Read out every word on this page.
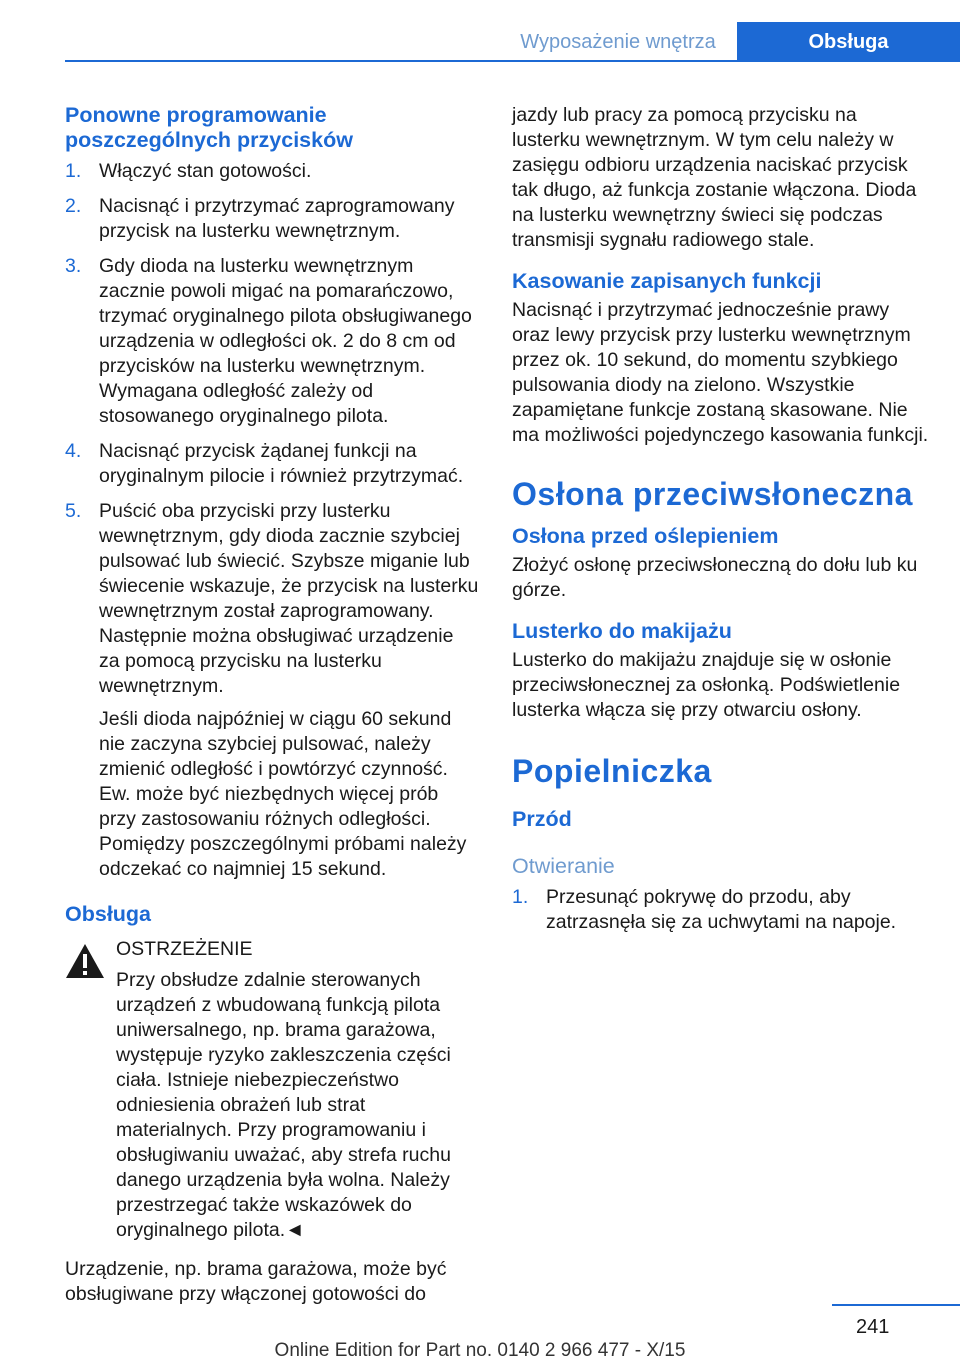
Wyposażenie wnętrza	Obsługa
Ponowne programowanie poszczególnych przycisków
1. Włączyć stan gotowości.
2. Nacisnąć i przytrzymać zaprogramowany przycisk na lusterku wewnętrznym.
3. Gdy dioda na lusterku wewnętrznym zacznie powoli migać na pomarańczowo, trzymać oryginalnego pilota obsługiwanego urządzenia w odległości ok. 2 do 8 cm od przycisków na lusterku wewnętrznym. Wymagana odległość zależy od stosowanego oryginalnego pilota.
4. Nacisnąć przycisk żądanej funkcji na oryginalnym pilocie i również przytrzymać.
5. Puścić oba przyciski przy lusterku wewnętrznym, gdy dioda zacznie szybciej pulsować lub świecić. Szybsze miganie lub świecenie wskazuje, że przycisk na lusterku wewnętrznym został zaprogramowany. Następnie można obsługiwać urządzenie za pomocą przycisku na lusterku wewnętrznym.

Jeśli dioda najpóźniej w ciągu 60 sekund nie zaczyna szybciej pulsować, należy zmienić odległość i powtórzyć czynność. Ew. może być niezbędnych więcej prób przy zastosowaniu różnych odległości. Pomiędzy poszczególnymi próbami należy odczekać co najmniej 15 sekund.

Obsługa

OSTRZEŻENIE

Przy obsłudze zdalnie sterowanych urządzeń z wbudowaną funkcją pilota uniwersalnego, np. brama garażowa, występuje ryzyko zakleszczenia części ciała. Istnieje niebezpieczeństwo odniesienia obrażeń lub strat materialnych. Przy programowaniu i obsługiwaniu uważać, aby strefa ruchu danego urządzenia była wolna. Należy przestrzegać także wskazówek do oryginalnego pilota.◄

Urządzenie, np. brama garażowa, może być obsługiwane przy włączonej gotowości do

jazdy lub pracy za pomocą przycisku na lusterku wewnętrznym. W tym celu należy w zasięgu odbioru urządzenia naciskać przycisk tak długo, aż funkcja zostanie włączona. Dioda na lusterku wewnętrzny świeci się podczas transmisji sygnału radiowego stale.

Kasowanie zapisanych funkcji

Nacisnąć i przytrzymać jednocześnie prawy oraz lewy przycisk przy lusterku wewnętrznym przez ok. 10 sekund, do momentu szybkiego pulsowania diody na zielono. Wszystkie zapamiętane funkcje zostaną skasowane. Nie ma możliwości pojedynczego kasowania funkcji.

Osłona przeciwsłoneczna
Osłona przed oślepieniem

Złożyć osłonę przeciwsłoneczną do dołu lub ku górze.

Lusterko do makijażu

Lusterko do makijażu znajduje się w osłonie przeciwsłonecznej za osłonką. Podświetlenie lusterka włącza się przy otwarciu osłony.

Popielniczka
Przód
Otwieranie
1. Przesunąć pokrywę do przodu, aby zatrzasnęła się za uchwytami na napoje.
241
Online Edition for Part no. 0140 2 966 477 - X/15
